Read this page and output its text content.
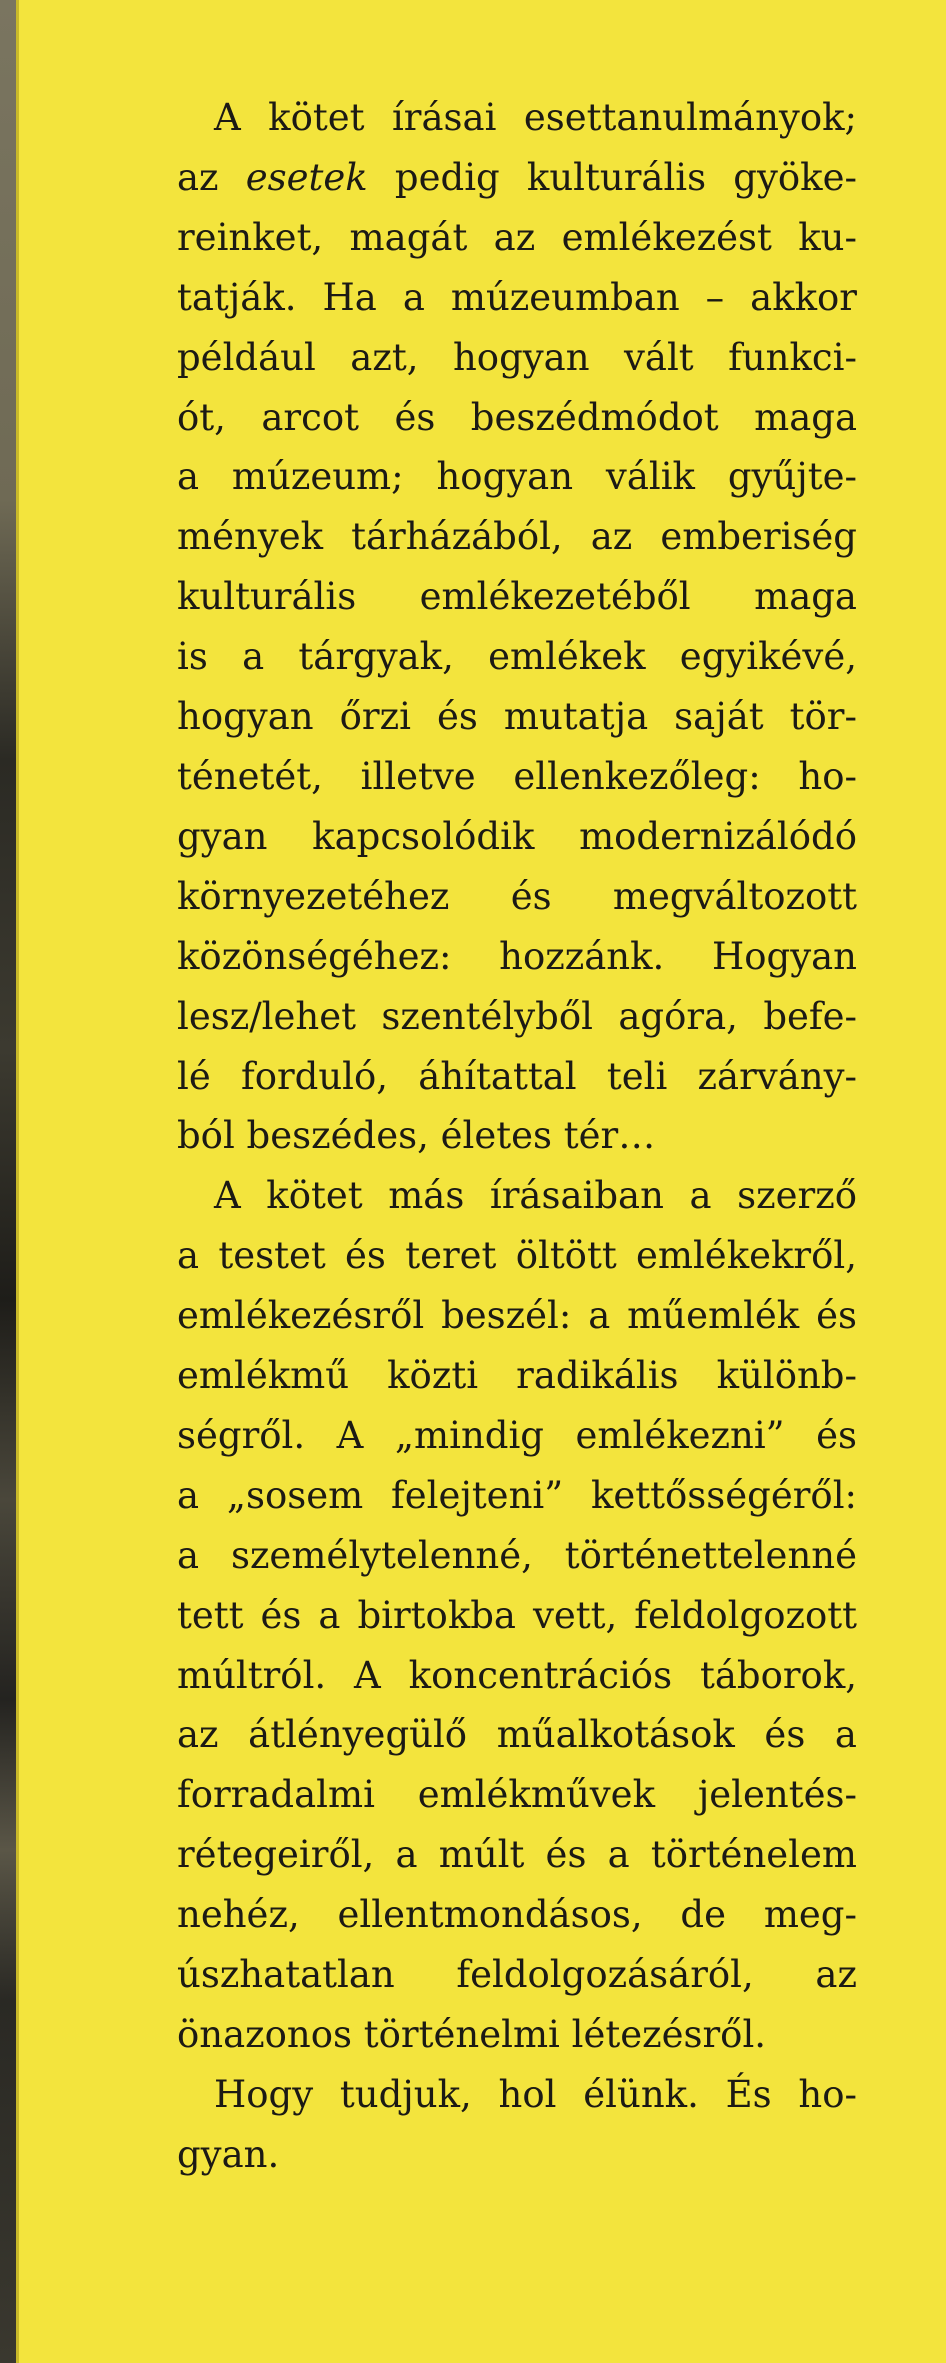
A kötet írásai esettanulmányok;
az esetek pedig kulturális gyöke-
reinket, magát az emlékezést ku-
tatják. Ha a múzeumban – akkor
például azt, hogyan vált funkci-
ót, arcot és beszédmódot maga
a múzeum; hogyan válik gyűjte-
mények tárházából, az emberiség
kulturális emlékezetéből maga
is a tárgyak, emlékek egyikévé,
hogyan őrzi és mutatja saját tör-
ténetét, illetve ellenkezőleg: ho-
gyan kapcsolódik modernizálódó
környezetéhez és megváltozott
közönségéhez: hozzánk. Hogyan
lesz/lehet szentélyből agóra, befe-
lé forduló, áhítattal teli zárvány-
ból beszédes, életes tér…

A kötet más írásaiban a szerző
a testet és teret öltött emlékekről,
emlékezésről beszél: a műemlék és
emlékmű közti radikális különb-
ségről. A „mindig emlékezni” és
a „sosem felejteni” kettősségéről:
a személytelenné, történettelenné
tett és a birtokba vett, feldolgozott
múltról. A koncentrációs táborok,
az átlényegülő műalkotások és a
forradalmi emlékművek jelentés-
rétegeiről, a múlt és a történelem
nehéz, ellentmondásos, de meg-
úszhatatlan feldolgozásáról, az
önazonos történelmi létezésről.

Hogy tudjuk, hol élünk. És ho-
gyan.
